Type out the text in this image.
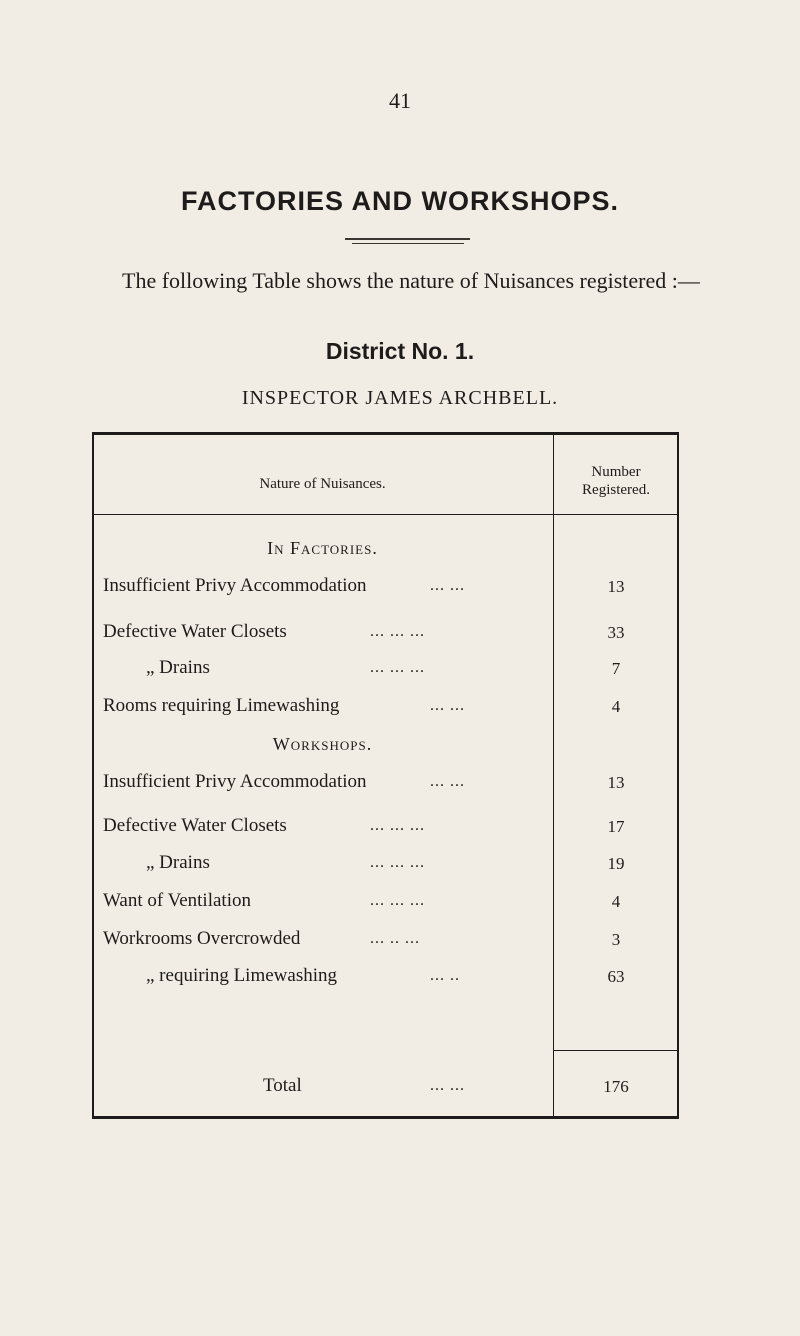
41
FACTORIES AND WORKSHOPS.
The following Table shows the nature of Nuisances registered :—
District No. 1.
INSPECTOR JAMES ARCHBELL.
Nature of Nuisances.
Number
Registered.
In Factories.
Insufficient Privy Accommodation	... ...	13
Defective Water Closets	... ... ...	33
„ Drains	... ... ...	7
Rooms requiring Limewashing	... ...	4
Workshops.
Insufficient Privy Accommodation	... ...	13
Defective Water Closets	... ... ...	17
„ Drains	... ... ...	19
Want of Ventilation	... ... ...	4
Workrooms Overcrowded	... .. ...	3
„ requiring Limewashing	... ..	63
Total	... ...	176
